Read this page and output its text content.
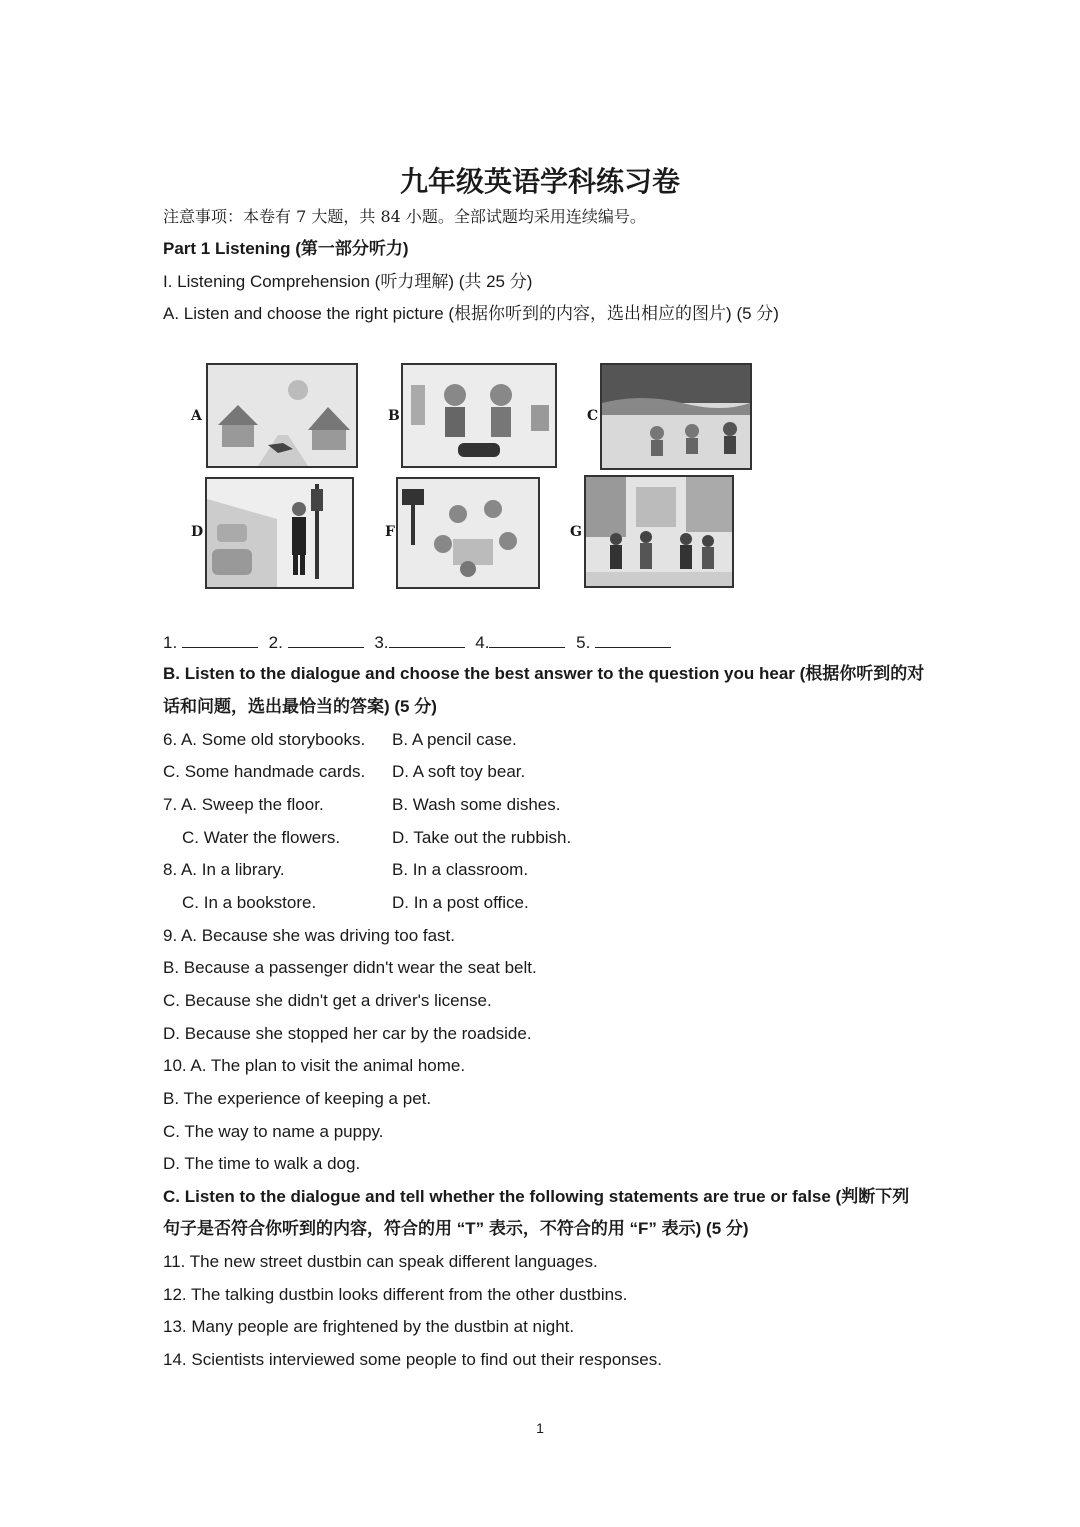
九年级英语学科练习卷
注意事项：本卷有 7 大题，共 84 小题。全部试题均采用连续编号。
Part 1 Listening (第一部分听力)
I. Listening Comprehension (听力理解) (共 25 分)
A. Listen and choose the right picture (根据你听到的内容，选出相应的图片) (5 分)
A	B	C
D	F	G
1.	2.	3.	4.	5.
B. Listen to the dialogue and choose the best answer to the question you hear (根据你听到的对
话和问题，选出最恰当的答案) (5 分)
6. A. Some old storybooks. B. A pencil case.
C. Some handmade cards. D. A soft toy bear.
7. A. Sweep the floor.	B. Wash some dishes.
C. Water the flowers.	D. Take out the rubbish.
8. A. In a library.	B. In a classroom.
C. In a bookstore.	D. In a post office.
9. A. Because she was driving too fast.
B. Because a passenger didn't wear the seat belt.
C. Because she didn't get a driver's license.
D. Because she stopped her car by the roadside.
10. A. The plan to visit the animal home.
B. The experience of keeping a pet.
C. The way to name a puppy.
D. The time to walk a dog.
C. Listen to the dialogue and tell whether the following statements are true or false (判断下列
句子是否符合你听到的内容，符合的用 “T” 表示，不符合的用 “F” 表示) (5 分)
11. The new street dustbin can speak different languages.
12. The talking dustbin looks different from the other dustbins.
13. Many people are frightened by the dustbin at night.
14. Scientists interviewed some people to find out their responses.
1
